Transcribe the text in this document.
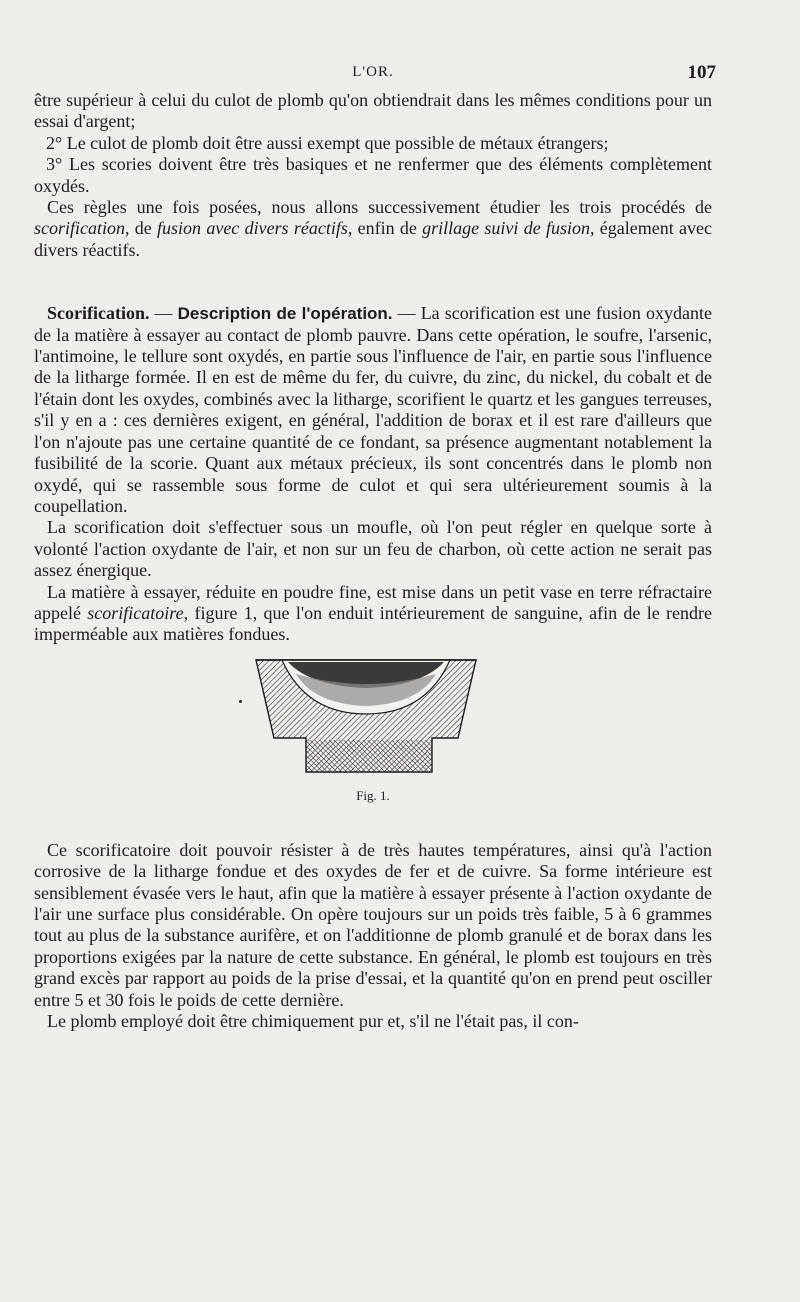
L'OR.	107

être supérieur à celui du culot de plomb qu'on obtiendrait dans les mêmes conditions pour un essai d'argent;

2° Le culot de plomb doit être aussi exempt que possible de métaux étrangers;

3° Les scories doivent être très basiques et ne renfermer que des éléments complètement oxydés.

Ces règles une fois posées, nous allons successivement étudier les trois procédés de scorification, de fusion avec divers réactifs, enfin de grillage suivi de fusion, également avec divers réactifs.

Scorification. — Description de l'opération. — La scorification est une fusion oxydante de la matière à essayer au contact de plomb pauvre. Dans cette opération, le soufre, l'arsenic, l'antimoine, le tellure sont oxydés, en partie sous l'influence de l'air, en partie sous l'influence de la litharge formée. Il en est de même du fer, du cuivre, du zinc, du nickel, du cobalt et de l'étain dont les oxydes, combinés avec la litharge, scorifient le quartz et les gangues terreuses, s'il y en a : ces dernières exigent, en général, l'addition de borax et il est rare d'ailleurs que l'on n'ajoute pas une certaine quantité de ce fondant, sa présence augmentant notablement la fusibilité de la scorie. Quant aux métaux précieux, ils sont concentrés dans le plomb non oxydé, qui se rassemble sous forme de culot et qui sera ultérieurement soumis à la coupellation.

La scorification doit s'effectuer sous un moufle, où l'on peut régler en quelque sorte à volonté l'action oxydante de l'air, et non sur un feu de charbon, où cette action ne serait pas assez énergique.

La matière à essayer, réduite en poudre fine, est mise dans un petit vase en terre réfractaire appelé scorificatoire, figure 1, que l'on enduit intérieurement de sanguine, afin de le rendre imperméable aux matières fondues.

Fig. 1.

Ce scorificatoire doit pouvoir résister à de très hautes températures, ainsi qu'à l'action corrosive de la litharge fondue et des oxydes de fer et de cuivre. Sa forme intérieure est sensiblement évasée vers le haut, afin que la matière à essayer présente à l'action oxydante de l'air une surface plus considérable. On opère toujours sur un poids très faible, 5 à 6 grammes tout au plus de la substance aurifère, et on l'additionne de plomb granulé et de borax dans les proportions exigées par la nature de cette substance. En général, le plomb est toujours en très grand excès par rapport au poids de la prise d'essai, et la quantité qu'on en prend peut osciller entre 5 et 30 fois le poids de cette dernière.

Le plomb employé doit être chimiquement pur et, s'il ne l'était pas, il con-
